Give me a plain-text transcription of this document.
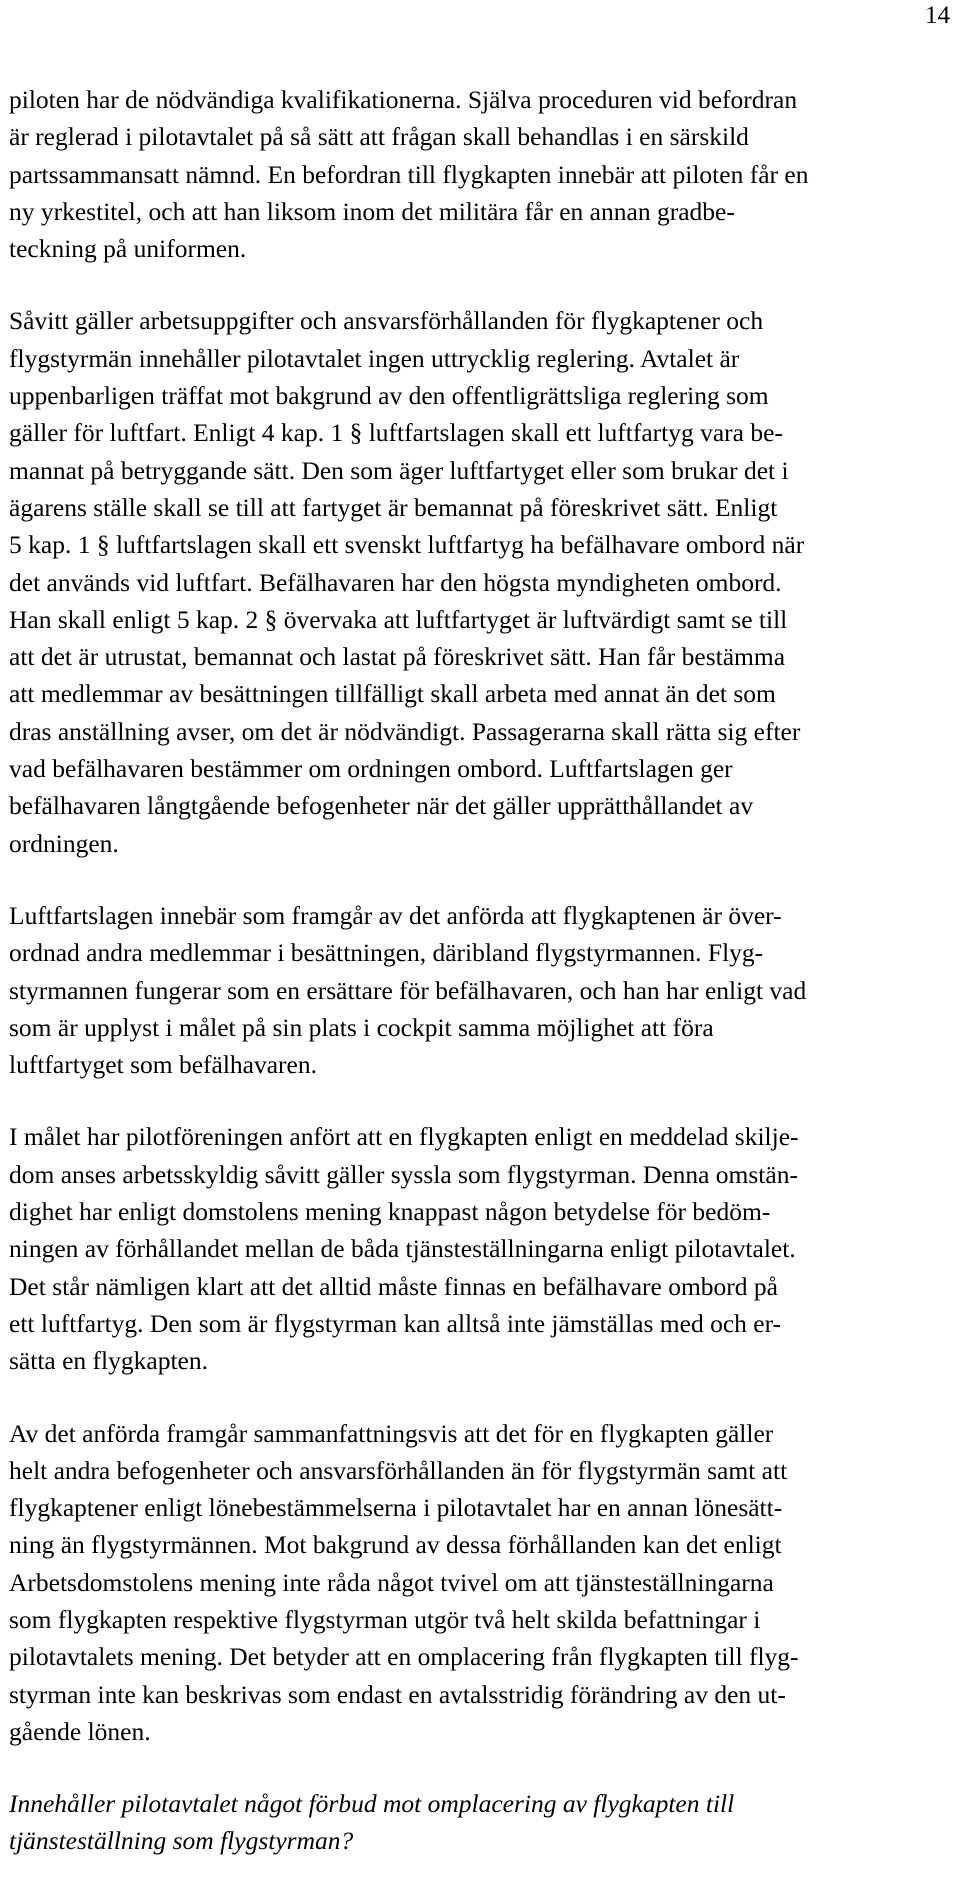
14

piloten har de nödvändiga kvalifikationerna. Själva proceduren vid befordran
är reglerad i pilotavtalet på så sätt att frågan skall behandlas i en särskild
partssammansatt nämnd. En befordran till flygkapten innebär att piloten får en
ny yrkestitel, och att han liksom inom det militära får en annan gradbe-
teckning på uniformen.

Såvitt gäller arbetsuppgifter och ansvarsförhållanden för flygkaptener och
flygstyrmän innehåller pilotavtalet ingen uttrycklig reglering. Avtalet är
uppenbarligen träffat mot bakgrund av den offentligrättsliga reglering som
gäller för luftfart. Enligt 4 kap. 1 § luftfartslagen skall ett luftfartyg vara be-
mannat på betryggande sätt. Den som äger luftfartyget eller som brukar det i
ägarens ställe skall se till att fartyget är bemannat på föreskrivet sätt. Enligt
5 kap. 1 § luftfartslagen skall ett svenskt luftfartyg ha befälhavare ombord när
det används vid luftfart. Befälhavaren har den högsta myndigheten ombord.
Han skall enligt 5 kap. 2 § övervaka att luftfartyget är luftvärdigt samt se till
att det är utrustat, bemannat och lastat på föreskrivet sätt. Han får bestämma
att medlemmar av besättningen tillfälligt skall arbeta med annat än det som
dras anställning avser, om det är nödvändigt. Passagerarna skall rätta sig efter
vad befälhavaren bestämmer om ordningen ombord. Luftfartslagen ger
befälhavaren långtgående befogenheter när det gäller upprätthållandet av
ordningen.

Luftfartslagen innebär som framgår av det anförda att flygkaptenen är över-
ordnad andra medlemmar i besättningen, däribland flygstyrmannen. Flyg-
styrmannen fungerar som en ersättare för befälhavaren, och han har enligt vad
som är upplyst i målet på sin plats i cockpit samma möjlighet att föra
luftfartyget som befälhavaren.

I målet har pilotföreningen anfört att en flygkapten enligt en meddelad skilje-
dom anses arbetsskyldig såvitt gäller syssla som flygstyrman. Denna omstän-
dighet har enligt domstolens mening knappast någon betydelse för bedöm-
ningen av förhållandet mellan de båda tjänsteställningarna enligt pilotavtalet.
Det står nämligen klart att det alltid måste finnas en befälhavare ombord på
ett luftfartyg. Den som är flygstyrman kan alltså inte jämställas med och er-
sätta en flygkapten.

Av det anförda framgår sammanfattningsvis att det för en flygkapten gäller
helt andra befogenheter och ansvarsförhållanden än för flygstyrmän samt att
flygkaptener enligt lönebestämmelserna i pilotavtalet har en annan lönesätt-
ning än flygstyrmännen. Mot bakgrund av dessa förhållanden kan det enligt
Arbetsdomstolens mening inte råda något tvivel om att tjänsteställningarna
som flygkapten respektive flygstyrman utgör två helt skilda befattningar i
pilotavtalets mening. Det betyder att en omplacering från flygkapten till flyg-
styrman inte kan beskrivas som endast en avtalsstridig förändring av den ut-
gående lönen.

Innehåller pilotavtalet något förbud mot omplacering av flygkapten till
tjänsteställning som flygstyrman?
